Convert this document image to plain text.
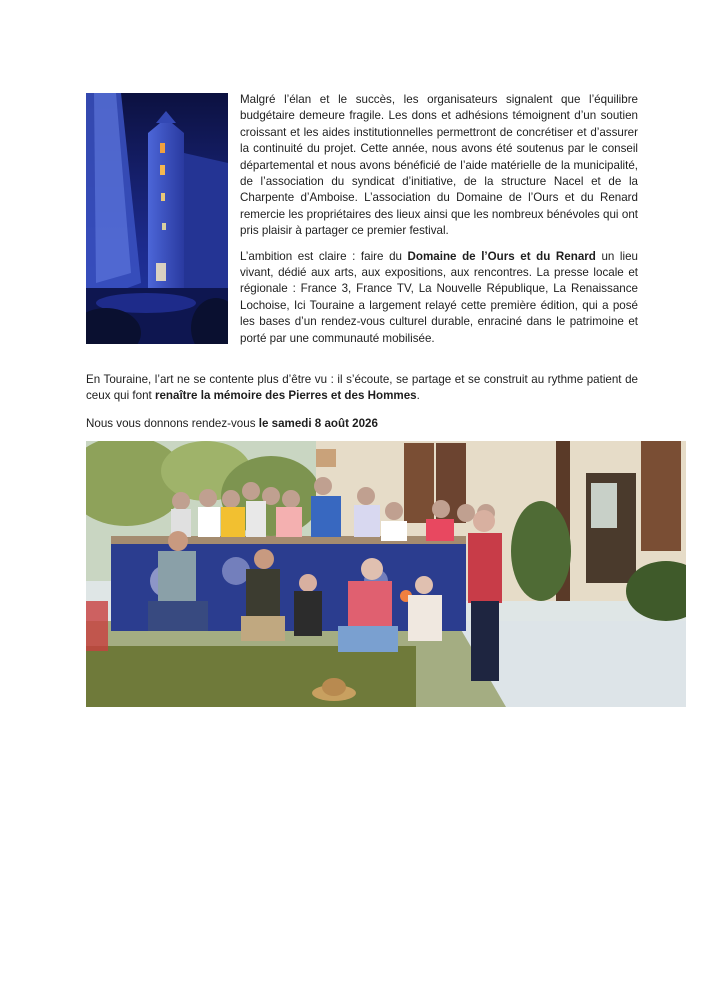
Malgré l’élan et le succès, les organisateurs signalent que l’équilibre budgétaire demeure fragile. Les dons et adhésions témoignent d’un soutien croissant et les aides institutionnelles permettront de concrétiser et d’assurer la continuité du projet. Cette année, nous avons été soutenus par le conseil départemental et nous avons bénéficié de l’aide matérielle de la municipalité, de l’association du syndicat d’initiative, de la structure Nacel et de la Charpente d’Amboise. L’association du Domaine de l’Ours et du Renard remercie les propriétaires des lieux ainsi que les nombreux bénévoles qui ont pris plaisir à partager ce premier festival.

L’ambition est claire : faire du Domaine de l’Ours et du Renard un lieu vivant, dédié aux arts, aux expositions, aux rencontres. La presse locale et régionale : France 3, France TV, La Nouvelle République, La Renaissance Lochoise, Ici Touraine a largement relayé cette première édition, qui a posé les bases d’un rendez-vous culturel durable, enraciné dans le patrimoine et porté par une communauté mobilisée.

En Touraine, l’art ne se contente plus d’être vu : il s’écoute, se partage et se construit au rythme patient de ceux qui font renaître la mémoire des Pierres et des Hommes.

Nous vous donnons rendez-vous le samedi 8 août 2026
